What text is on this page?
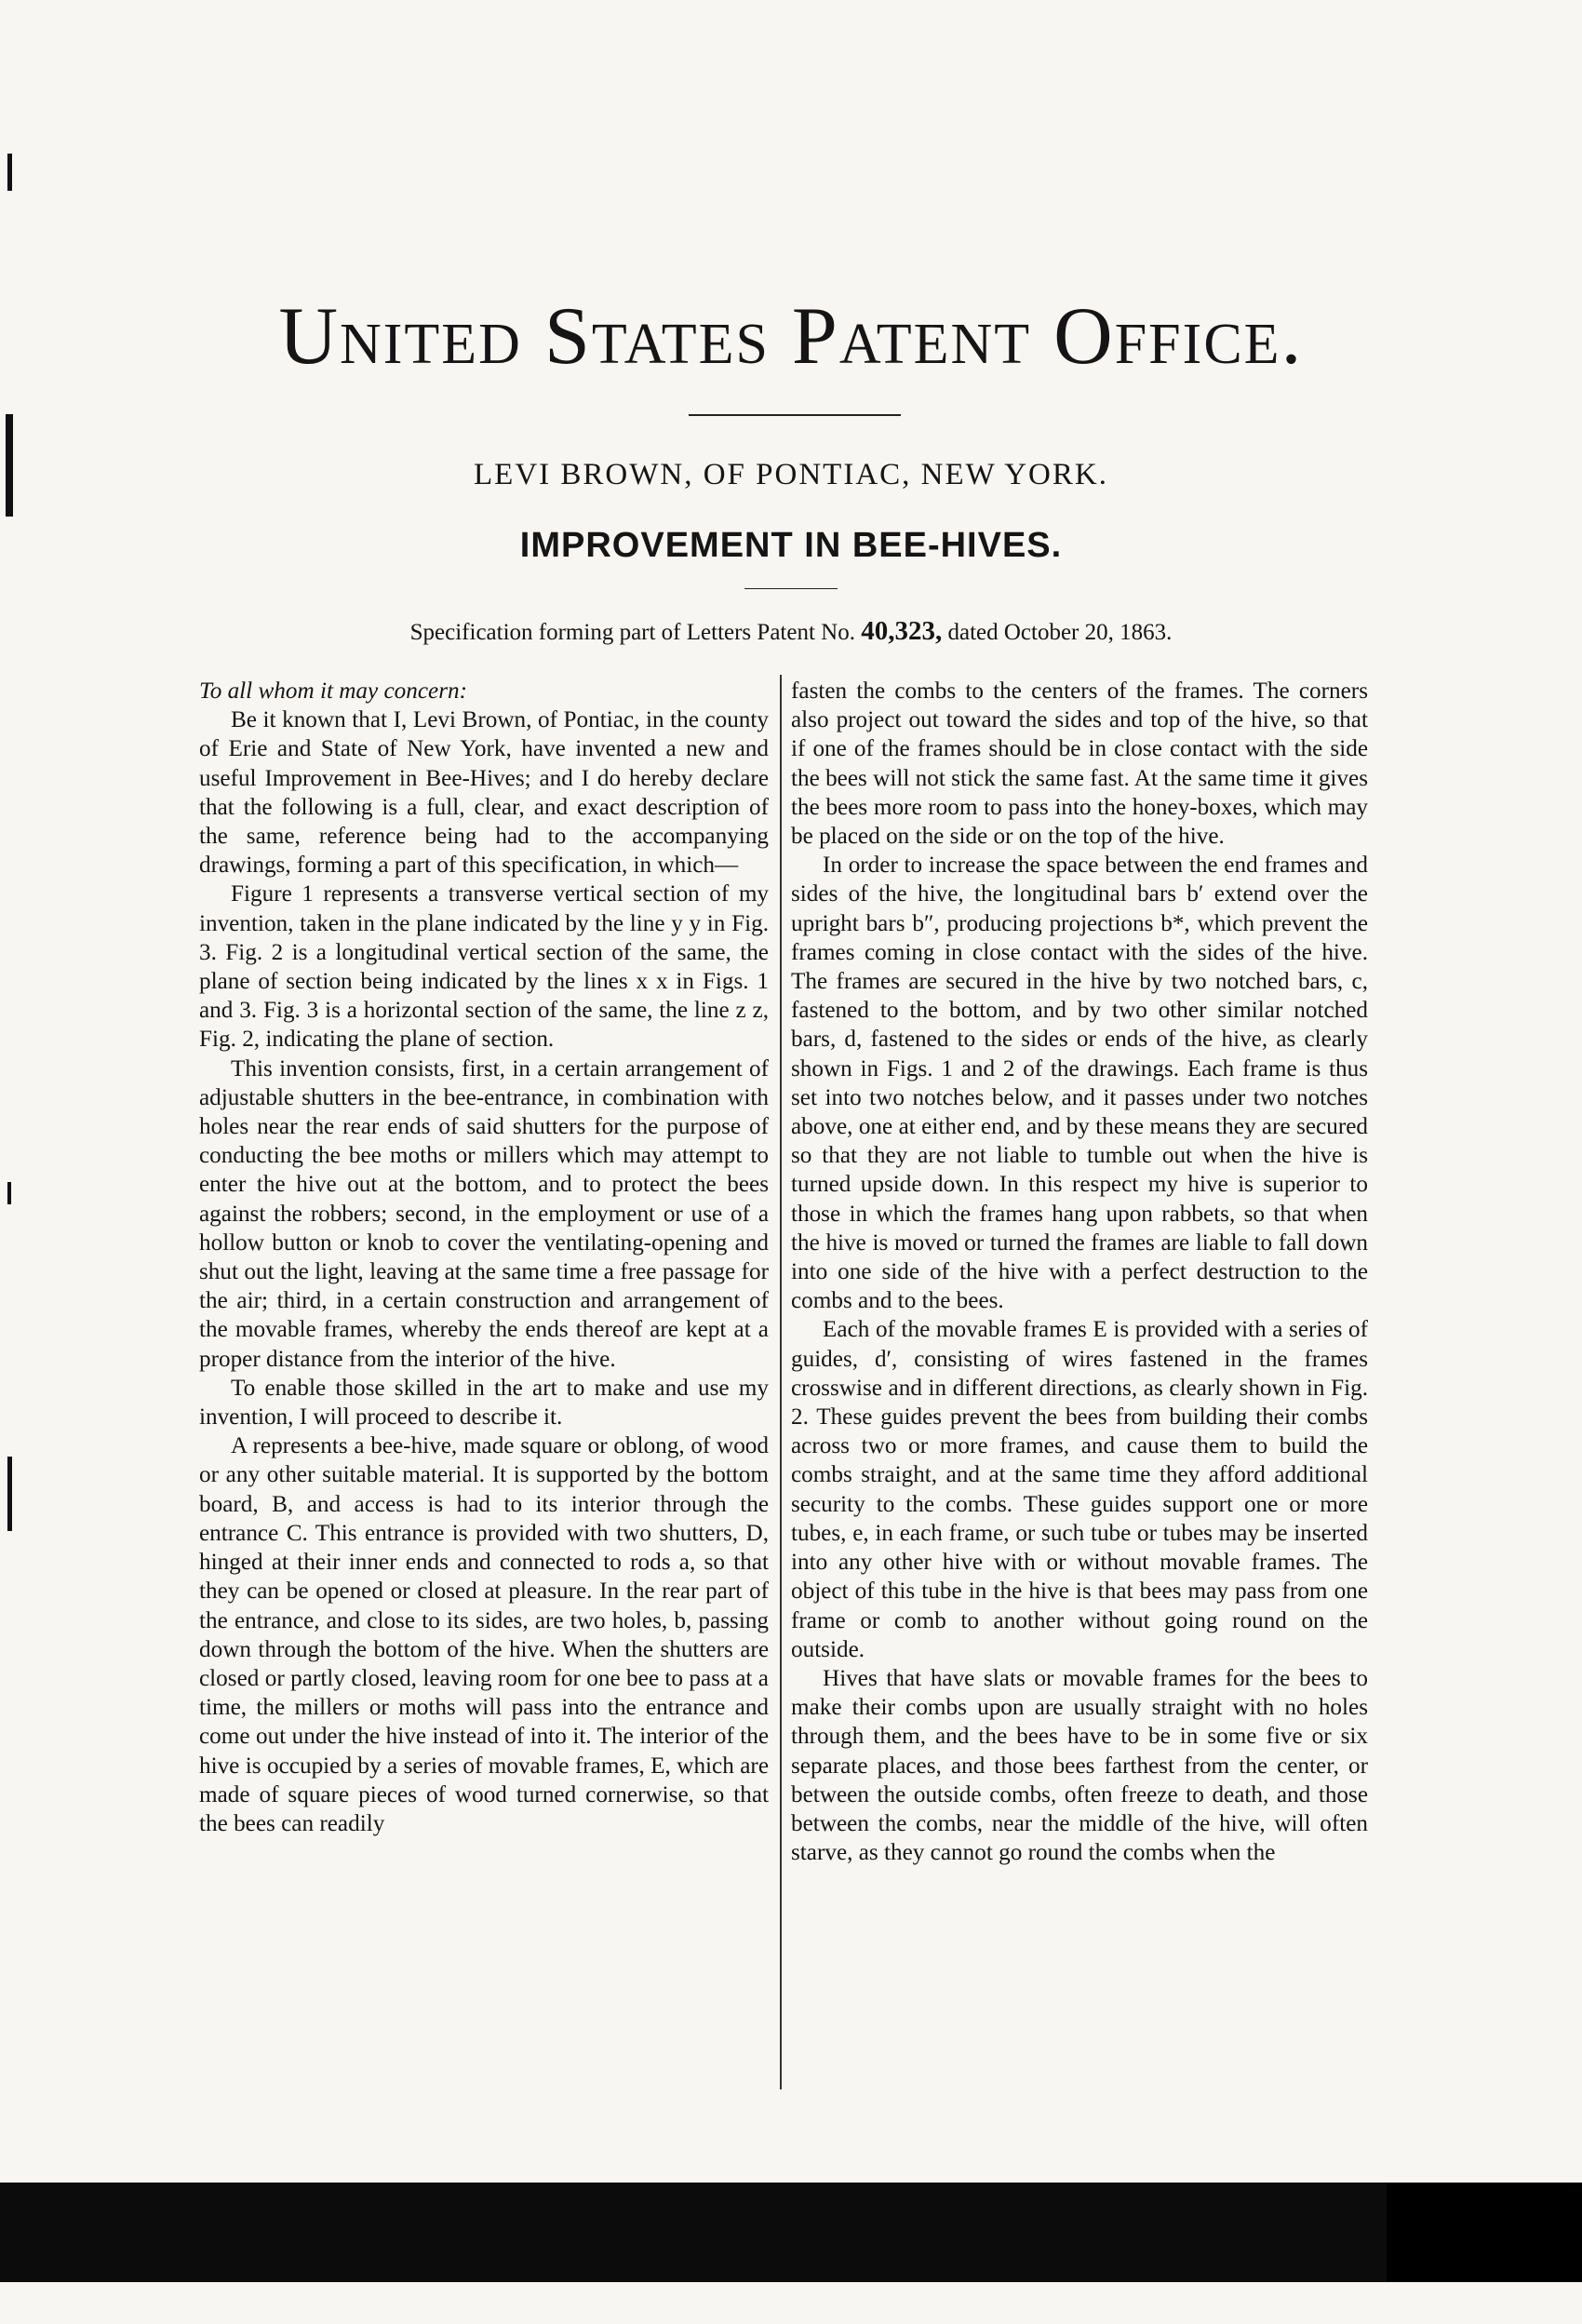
United States Patent Office.
LEVI BROWN, OF PONTIAC, NEW YORK.
IMPROVEMENT IN BEE-HIVES.
Specification forming part of Letters Patent No. 40,323, dated October 20, 1863.

To all whom it may concern:

Be it known that I, Levi Brown, of Pontiac, in the county of Erie and State of New York, have invented a new and useful Improvement in Bee-Hives; and I do hereby declare that the following is a full, clear, and exact description of the same, reference being had to the accompanying drawings, forming a part of this specification, in which—

Figure 1 represents a transverse vertical section of my invention, taken in the plane indicated by the line y y in Fig. 3. Fig. 2 is a longitudinal vertical section of the same, the plane of section being indicated by the lines x x in Figs. 1 and 3. Fig. 3 is a horizontal section of the same, the line z z, Fig. 2, indicating the plane of section.

This invention consists, first, in a certain arrangement of adjustable shutters in the bee-entrance, in combination with holes near the rear ends of said shutters for the purpose of conducting the bee moths or millers which may attempt to enter the hive out at the bottom, and to protect the bees against the robbers; second, in the employment or use of a hollow button or knob to cover the ventilating-opening and shut out the light, leaving at the same time a free passage for the air; third, in a certain construction and arrangement of the movable frames, whereby the ends thereof are kept at a proper distance from the interior of the hive.

To enable those skilled in the art to make and use my invention, I will proceed to describe it.

A represents a bee-hive, made square or oblong, of wood or any other suitable material. It is supported by the bottom board, B, and access is had to its interior through the entrance C. This entrance is provided with two shutters, D, hinged at their inner ends and connected to rods a, so that they can be opened or closed at pleasure. In the rear part of the entrance, and close to its sides, are two holes, b, passing down through the bottom of the hive. When the shutters are closed or partly closed, leaving room for one bee to pass at a time, the millers or moths will pass into the entrance and come out under the hive instead of into it. The interior of the hive is occupied by a series of movable frames, E, which are made of square pieces of wood turned cornerwise, so that the bees can readily

fasten the combs to the centers of the frames. The corners also project out toward the sides and top of the hive, so that if one of the frames should be in close contact with the side the bees will not stick the same fast. At the same time it gives the bees more room to pass into the honey-boxes, which may be placed on the side or on the top of the hive.

In order to increase the space between the end frames and sides of the hive, the longitudinal bars b′ extend over the upright bars b″, producing projections b*, which prevent the frames coming in close contact with the sides of the hive. The frames are secured in the hive by two notched bars, c, fastened to the bottom, and by two other similar notched bars, d, fastened to the sides or ends of the hive, as clearly shown in Figs. 1 and 2 of the drawings. Each frame is thus set into two notches below, and it passes under two notches above, one at either end, and by these means they are secured so that they are not liable to tumble out when the hive is turned upside down. In this respect my hive is superior to those in which the frames hang upon rabbets, so that when the hive is moved or turned the frames are liable to fall down into one side of the hive with a perfect destruction to the combs and to the bees.

Each of the movable frames E is provided with a series of guides, d′, consisting of wires fastened in the frames crosswise and in different directions, as clearly shown in Fig. 2. These guides prevent the bees from building their combs across two or more frames, and cause them to build the combs straight, and at the same time they afford additional security to the combs. These guides support one or more tubes, e, in each frame, or such tube or tubes may be inserted into any other hive with or without movable frames. The object of this tube in the hive is that bees may pass from one frame or comb to another without going round on the outside.

Hives that have slats or movable frames for the bees to make their combs upon are usually straight with no holes through them, and the bees have to be in some five or six separate places, and those bees farthest from the center, or between the outside combs, often freeze to death, and those between the combs, near the middle of the hive, will often starve, as they cannot go round the combs when the
